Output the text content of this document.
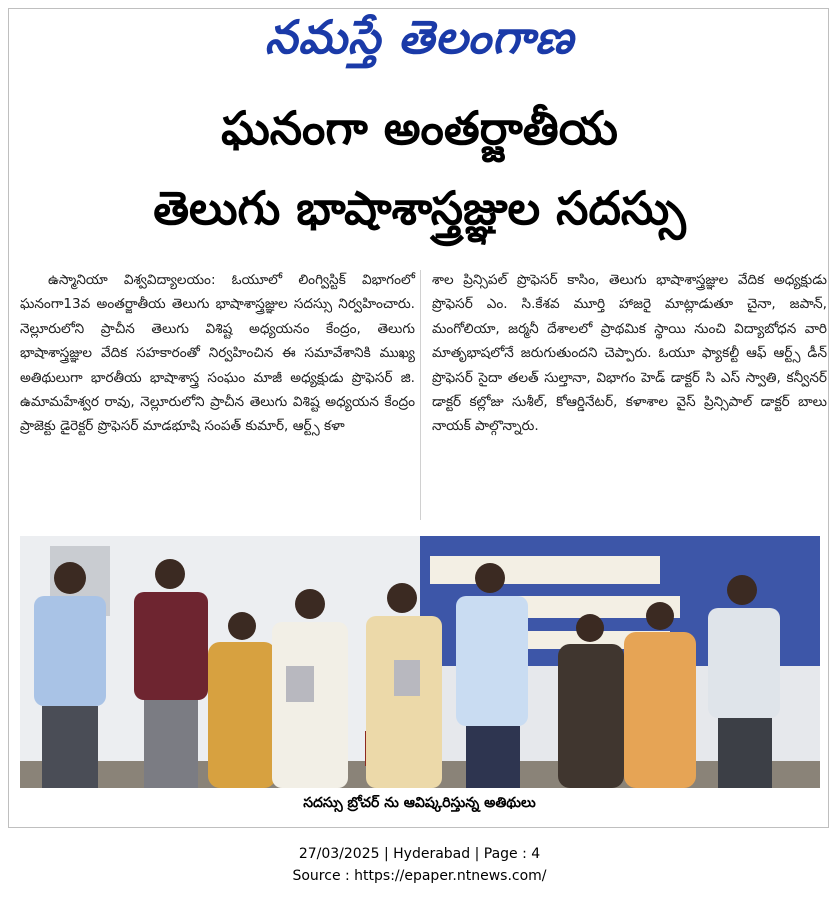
నమస్తే తెలంగాణ
ఘనంగా అంతర్జాతీయ
తెలుగు భాషాశాస్త్రజ్ఞుల సదస్సు
ఉస్మానియా విశ్వవిద్యాలయం: ఓయూలో లింగ్విస్టిక్ విభాగంలో ఘనంగా13వ అంతర్జాతీయ తెలుగు భాషాశాస్త్రజ్ఞుల సదస్సు నిర్వహించారు. నెల్లూరులోని ప్రాచీన తెలుగు విశిష్ట అధ్యయనం కేంద్రం, తెలుగు భాషాశాస్త్రజ్ఞుల వేదిక సహకారంతో నిర్వహించిన ఈ సమావేశానికి ముఖ్య అతిథులుగా భారతీయ భాషాశాస్త్ర సంఘం మాజీ అధ్యక్షుడు ప్రొఫెసర్ జి. ఉమామహేశ్వర రావు, నెల్లూరులోని ప్రాచీన తెలుగు విశిష్ట అధ్యయన కేంద్రం ప్రాజెక్టు డైరెక్టర్ ప్రొఫెసర్ మాడభూషి సంపత్ కుమార్, ఆర్ట్స్ కళా
శాల ప్రిన్సిపల్ ప్రొఫెసర్ కాసిం, తెలుగు భాషాశాస్త్రజ్ఞుల వేదిక అధ్యక్షుడు ప్రొఫెసర్ ఎం. సి.కేశవ మూర్తి హాజరై మాట్లాడుతూ చైనా, జపాన్, మంగోలియా, జర్మనీ దేశాలలో ప్రాథమిక స్థాయి నుంచి విద్యాబోధన వారి మాతృభాషలోనే జరుగుతుందని చెప్పారు. ఓయూ ఫ్యాకల్టీ ఆఫ్ ఆర్ట్స్ డీన్ ప్రొఫెసర్ సైదా తలత్ సుల్తానా, విభాగం హెడ్ డాక్టర్ సి ఎస్ స్వాతి, కన్వీనర్ డాక్టర్ కల్లోజు సుశీల్, కోఆర్డినేటర్, కళాశాల వైస్ ప్రిన్సిపాల్ డాక్టర్ బాలు నాయక్ పాల్గొన్నారు.
సదస్సు బ్రోచర్ ను ఆవిష్కరిస్తున్న అతిథులు
27/03/2025 | Hyderabad | Page : 4
Source : https://epaper.ntnews.com/
